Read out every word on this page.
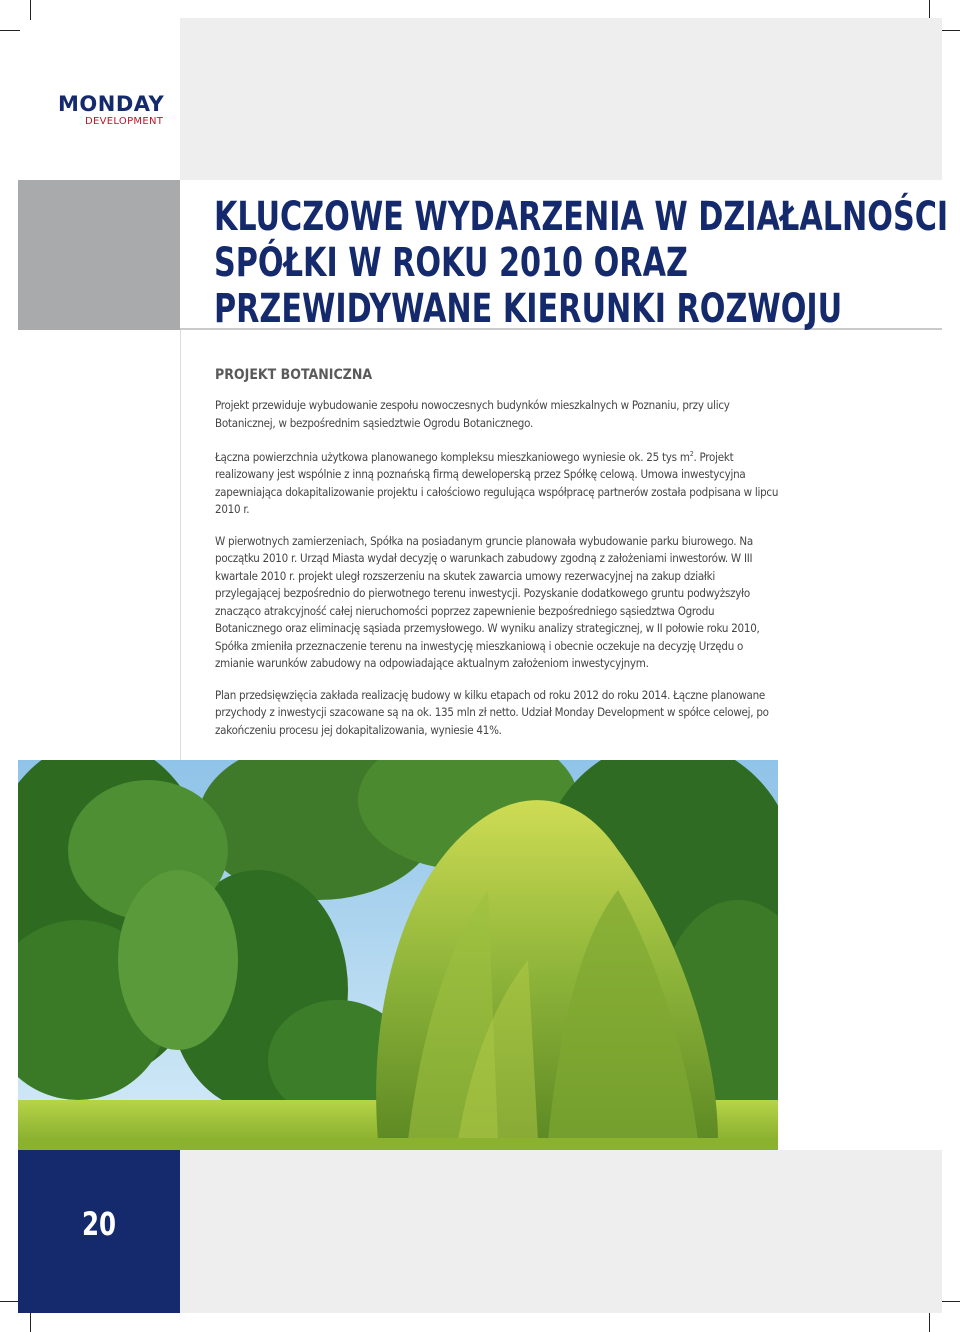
MONDAY
DEVELOPMENT
KLUCZOWE WYDARZENIA W DZIAŁALNOŚCI
SPÓŁKI W ROKU 2010 ORAZ
PRZEWIDYWANE KIERUNKI ROZWOJU
PROJEKT BOTANICZNA

Projekt przewiduje wybudowanie zespołu nowoczesnych budynków mieszkalnych w Poznaniu, przy ulicy Botanicznej, w bezpośrednim sąsiedztwie Ogrodu Botanicznego.

Łączna powierzchnia użytkowa planowanego kompleksu mieszkaniowego wyniesie ok. 25 tys $m^2$. Projekt realizowany jest wspólnie z inną poznańską firmą deweloperską przez Spółkę celową. Umowa inwestycyjna zapewniająca dokapitalizowanie projektu i całościowo regulująca współpracę partnerów została podpisana w lipcu 2010 r.

W pierwotnych zamierzeniach, Spółka na posiadanym gruncie planowała wybudowanie parku biurowego. Na początku 2010 r. Urząd Miasta wydał decyzję o warunkach zabudowy zgodną z założeniami inwestorów. W III kwartale 2010 r. projekt uległ rozszerzeniu na skutek zawarcia umowy rezerwacyjnej na zakup działki przylegającej bezpośrednio do pierwotnego terenu inwestycji. Pozyskanie dodatkowego gruntu podwyższyło znacząco atrakcyjność całej nieruchomości poprzez zapewnienie bezpośredniego sąsiedztwa Ogrodu Botanicznego oraz eliminację sąsiada przemysłowego. W wyniku analizy strategicznej, w II połowie roku 2010, Spółka zmieniła przeznaczenie terenu na inwestycję mieszkaniową i obecnie oczekuje na decyzję Urzędu o zmianie warunków zabudowy na odpowiadające aktualnym założeniom inwestycyjnym.

Plan przedsięwzięcia zakłada realizację budowy w kilku etapach od roku 2012 do roku 2014. Łączne planowane przychody z inwestycji szacowane są na ok. 135 mln zł netto. Udział Monday Development w spółce celowej, po zakończeniu procesu jej dokapitalizowania, wyniesie 41%.

20
